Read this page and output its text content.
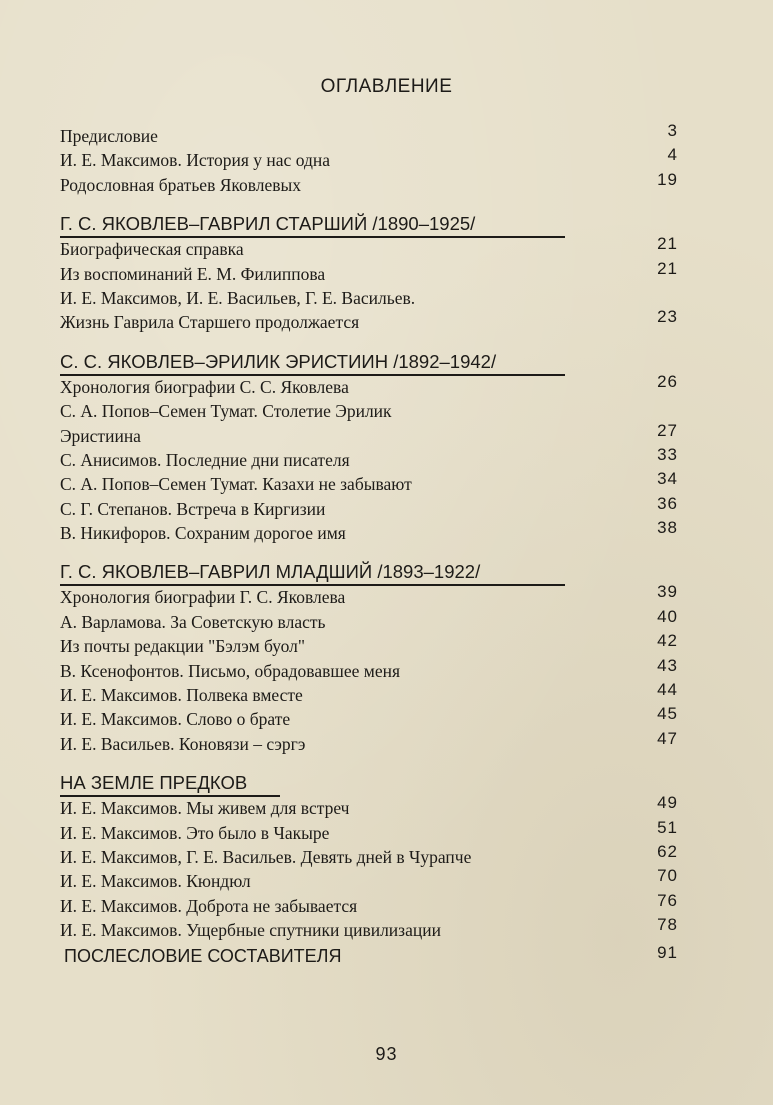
ОГЛАВЛЕНИЕ
Предисловие	3
И. Е. Максимов. История у нас одна	4
Родословная братьев Яковлевых	19
Г. С. ЯКОВЛЕВ–ГАВРИЛ СТАРШИЙ /1890–1925/
Биографическая справка	21
Из воспоминаний Е. М. Филиппова	21
И. Е. Максимов, И. Е. Васильев, Г. Е. Васильев.
Жизнь Гаврила Старшего продолжается	23
С. С. ЯКОВЛЕВ–ЭРИЛИК ЭРИСТИИН /1892–1942/
Хронология биографии С. С. Яковлева	26
С. А. Попов–Семен Тумат. Столетие Эрилик
Эристиина	27
С. Анисимов. Последние дни писателя	33
С. А. Попов–Семен Тумат. Казахи не забывают	34
С. Г. Степанов. Встреча в Киргизии	36
В. Никифоров. Сохраним дорогое имя	38
Г. С. ЯКОВЛЕВ–ГАВРИЛ МЛАДШИЙ /1893–1922/
Хронология биографии Г. С. Яковлева	39
А. Варламова. За Советскую власть	40
Из почты редакции "Бэлэм буол"	42
В. Ксенофонтов. Письмо, обрадовавшее меня	43
И. Е. Максимов. Полвека вместе	44
И. Е. Максимов. Слово о брате	45
И. Е. Васильев. Коновязи – сэргэ	47
НА ЗЕМЛЕ ПРЕДКОВ
И. Е. Максимов. Мы живем для встреч	49
И. Е. Максимов. Это было в Чакыре	51
И. Е. Максимов, Г. Е. Васильев. Девять дней в Чурапче	62
И. Е. Максимов. Кюндюл	70
И. Е. Максимов. Доброта не забывается	76
И. Е. Максимов. Ущербные спутники цивилизации	78
ПОСЛЕСЛОВИЕ СОСТАВИТЕЛЯ	91
93
